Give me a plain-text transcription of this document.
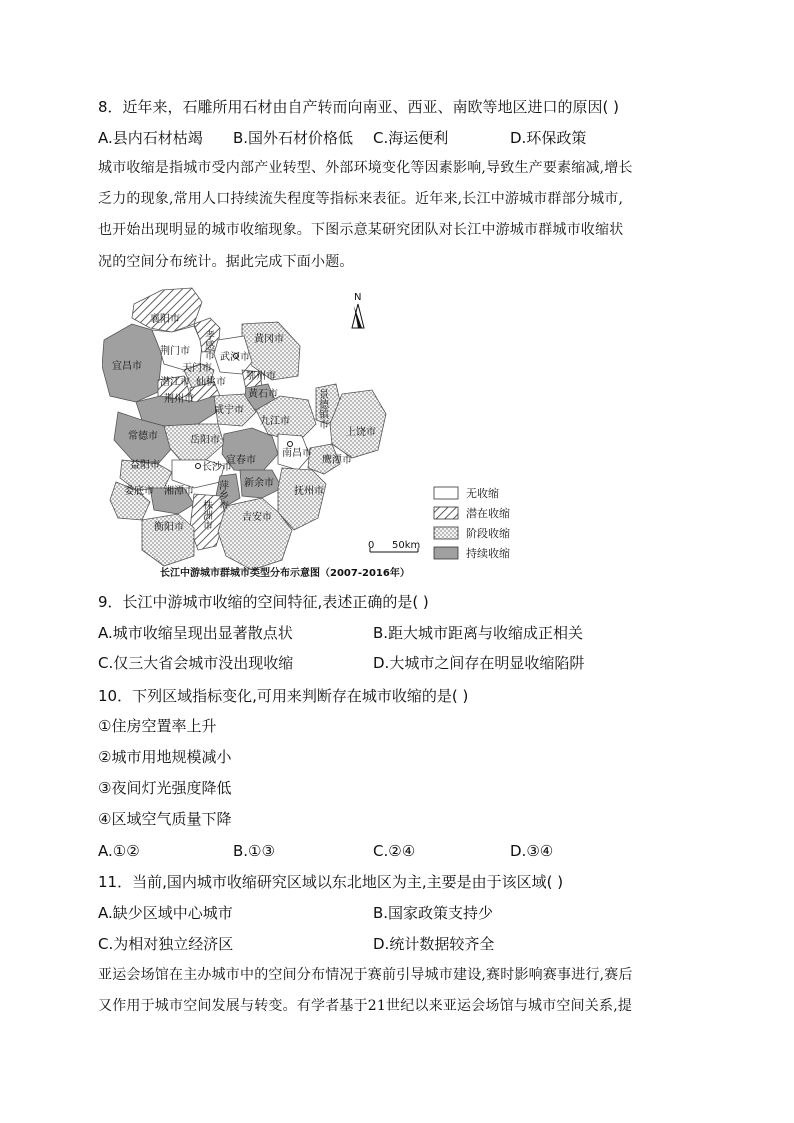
8．近年来，石雕所用石材由自产转而向南亚、西亚、南欧等地区进口的原因( )
A.县内石材枯竭 B.国外石材价格低 C.海运便利	D.环保政策
城市收缩是指城市受内部产业转型、外部环境变化等因素影响,导致生产要素缩减,增长
乏力的现象,常用人口持续流失程度等指标来表征。近年来,长江中游城市群部分城市,
也开始出现明显的城市收缩现象。下图示意某研究团队对长江中游城市群城市收缩状
况的空间分布统计。据此完成下面小题。
襄阳市
孝感市
荆门市
黄冈市
武汉市
宜昌市	天门市
鄂州市
潜江市 仙桃市
黄石市	景德镇市
荆州市
咸宁市
九江市
上饶市
常德市	岳阳市
宜春市
南昌市
鹰潭市
益阳市	长沙市
娄底市 湘潭市 萍乡市 新余市
抚州市
衡阳市 株洲市	吉安市
N
无收缩
潜在收缩
阶段收缩
持续收缩
0 50km
长江中游城市群城市类型分布示意图（2007-2016年）
9．长江中游城市收缩的空间特征,表述正确的是( )
A.城市收缩呈现出显著散点状	B.距大城市距离与收缩成正相关
C.仅三大省会城市没出现收缩	D.大城市之间存在明显收缩陷阱
10．下列区域指标变化,可用来判断存在城市收缩的是( )
①住房空置率上升
②城市用地规模减小
③夜间灯光强度降低
④区域空气质量下降
A.①②	B.①③	C.②④	D.③④
11．当前,国内城市收缩研究区域以东北地区为主,主要是由于该区域( )
A.缺少区域中心城市	B.国家政策支持少
C.为相对独立经济区	D.统计数据较齐全
亚运会场馆在主办城市中的空间分布情况于赛前引导城市建设,赛时影响赛事进行,赛后
又作用于城市空间发展与转变。有学者基于21世纪以来亚运会场馆与城市空间关系,提
